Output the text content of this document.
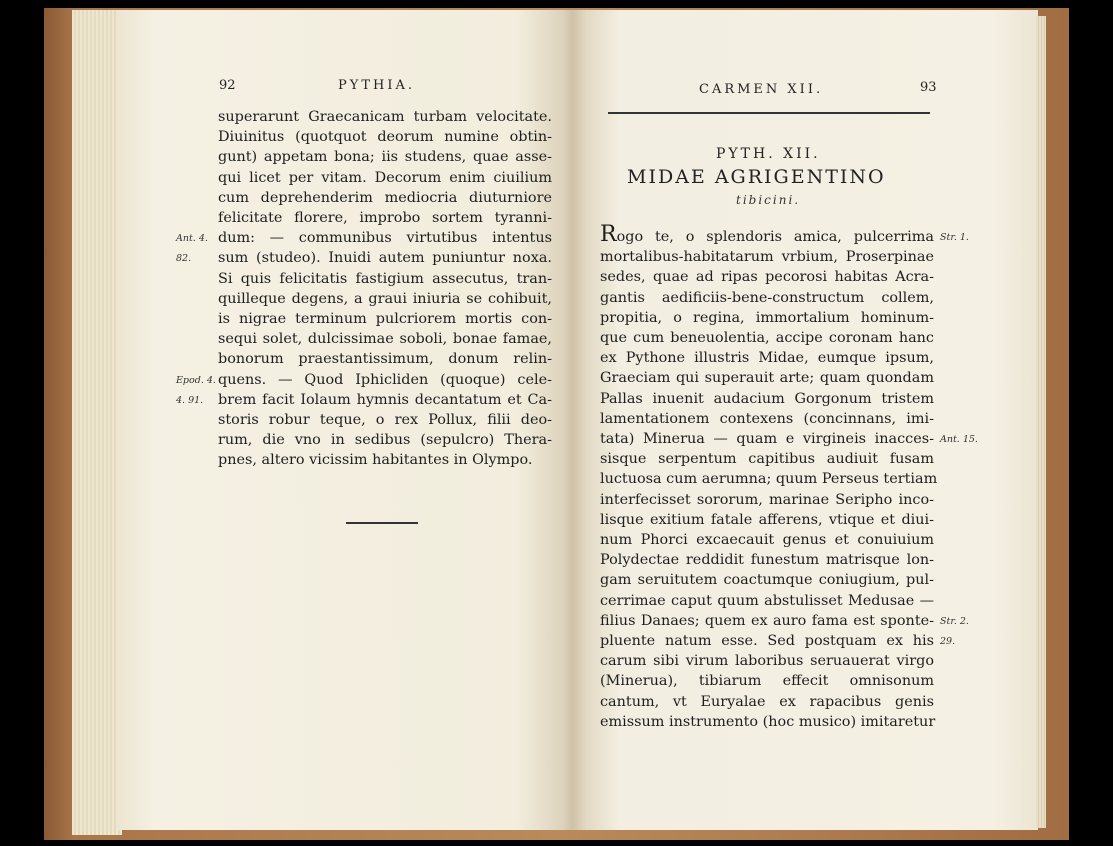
92	PYTHIA.
superarunt Graecanicam turbam velocitate.
Diuinitus (quotquot deorum numine obtin-
gunt) appetam bona; iis studens, quae asse-
qui licet per vitam. Decorum enim ciuilium
cum deprehenderim mediocria diuturniore
felicitate florere, improbo sortem tyranni-
dum: — communibus virtutibus intentus
sum (studeo). Inuidi autem puniuntur noxa.
Si quis felicitatis fastigium assecutus, tran-
quilleque degens, a graui iniuria se cohibuit,
is nigrae terminum pulcriorem mortis con-
sequi solet, dulcissimae soboli, bonae famae,
bonorum praestantissimum, donum relin-
quens. — Quod Iphicliden (quoque) cele-
brem facit Iolaum hymnis decantatum et Ca-
storis robur teque, o rex Pollux, filii deo-
rum, die vno in sedibus (sepulcro) Thera-
pnes, altero vicissim habitantes in Olympo.
Ant. 4.
82.
Epod. 4.
4. 91.
CARMEN XII.	93
PYTH. XII.
MIDAE AGRIGENTINO
tibicini.
Rogo te, o splendoris amica, pulcerrima
mortalibus-habitatarum vrbium, Proserpinae
sedes, quae ad ripas pecorosi habitas Acra-
gantis aedificiis-bene-constructum collem,
propitia, o regina, immortalium hominum-
que cum beneuolentia, accipe coronam hanc
ex Pythone illustris Midae, eumque ipsum,
Graeciam qui superauit arte; quam quondam
Pallas inuenit audacium Gorgonum tristem
lamentationem contexens (concinnans, imi-
tata) Minerua — quam e virgineis inacces-
sisque serpentum capitibus audiuit fusam
luctuosa cum aerumna; quum Perseus tertiam
interfecisset sororum, marinae Seripho inco-
lisque exitium fatale afferens, vtique et diui-
num Phorci excaecauit genus et conuiuium
Polydectae reddidit funestum matrisque lon-
gam seruitutem coactumque coniugium, pul-
cerrimae caput quum abstulisset Medusae —
filius Danaes; quem ex auro fama est sponte-
pluente natum esse. Sed postquam ex his
carum sibi virum laboribus seruauerat virgo
(Minerua), tibiarum effecit omnisonum
cantum, vt Euryalae ex rapacibus genis
emissum instrumento (hoc musico) imitaretur
Str. 1.
Ant. 15.
Str. 2.
29.
